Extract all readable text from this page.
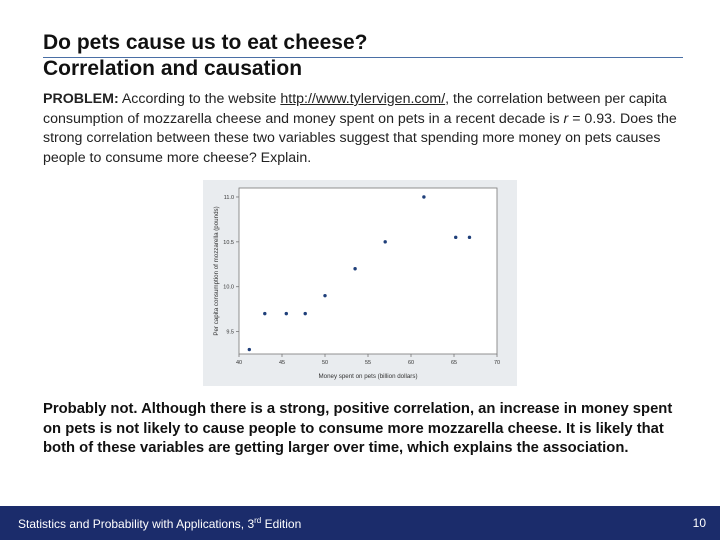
Do pets cause us to eat cheese?
Correlation and causation
PROBLEM: According to the website http://www.tylervigen.com/, the correlation between per capita consumption of mozzarella cheese and money spent on pets in a recent decade is r = 0.93. Does the strong correlation between these two variables suggest that spending more money on pets causes people to consume more cheese? Explain.
9.5
10.0
10.5
11.0
40	45	50	55	60	65	70
Money spent on pets (billion dollars)
Per capita consumption of mozzarella (pounds)
Probably not. Although there is a strong, positive correlation, an increase in money spent on pets is not likely to cause people to consume more mozzarella cheese. It is likely that both of these variables are getting larger over time, which explains the association.
Statistics and Probability with Applications, 3rd Edition	10
